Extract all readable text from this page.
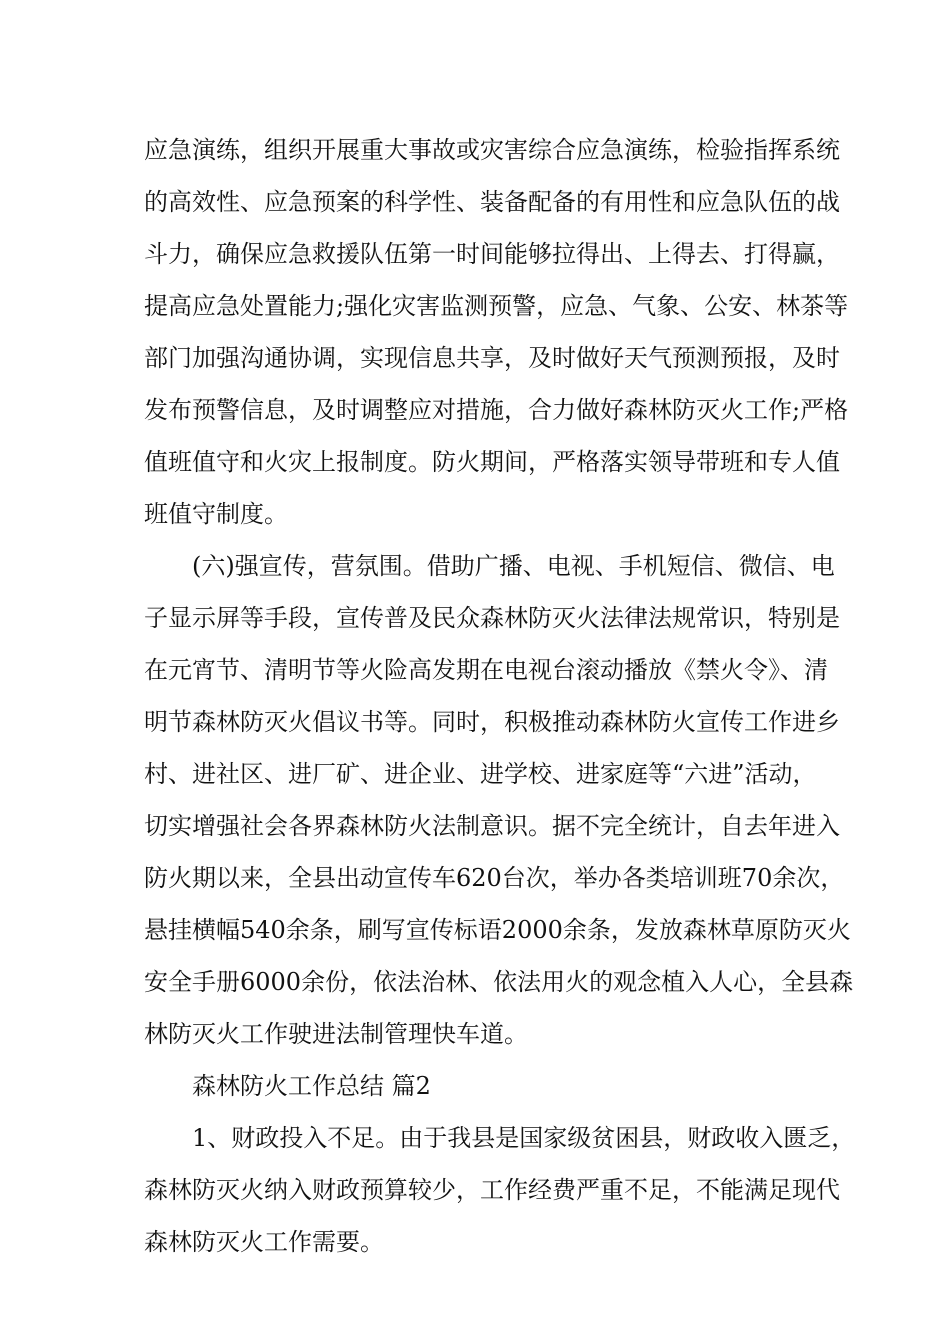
应急演练，组织开展重大事故或灾害综合应急演练，检验指挥系统
的高效性、应急预案的科学性、装备配备的有用性和应急队伍的战
斗力，确保应急救援队伍第一时间能够拉得出、上得去、打得赢，
提高应急处置能力;强化灾害监测预警，应急、气象、公安、林茶等
部门加强沟通协调，实现信息共享，及时做好天气预测预报，及时
发布预警信息，及时调整应对措施，合力做好森林防灭火工作;严格
值班值守和火灾上报制度。防火期间，严格落实领导带班和专人值
班值守制度。
(六)强宣传，营氛围。借助广播、电视、手机短信、微信、电
子显示屏等手段，宣传普及民众森林防灭火法律法规常识，特别是
在元宵节、清明节等火险高发期在电视台滚动播放《禁火令》、清
明节森林防灭火倡议书等。同时，积极推动森林防火宣传工作进乡
村、进社区、进厂矿、进企业、进学校、进家庭等“六进”活动，
切实增强社会各界森林防火法制意识。据不完全统计，自去年进入
防火期以来，全县出动宣传车620台次，举办各类培训班70余次，
悬挂横幅540余条，刷写宣传标语2000余条，发放森林草原防灭火
安全手册6000余份，依法治林、依法用火的观念植入人心，全县森
林防灭火工作驶进法制管理快车道。
森林防火工作总结 篇2
1、财政投入不足。由于我县是国家级贫困县，财政收入匮乏，
森林防灭火纳入财政预算较少，工作经费严重不足，不能满足现代
森林防灭火工作需要。
